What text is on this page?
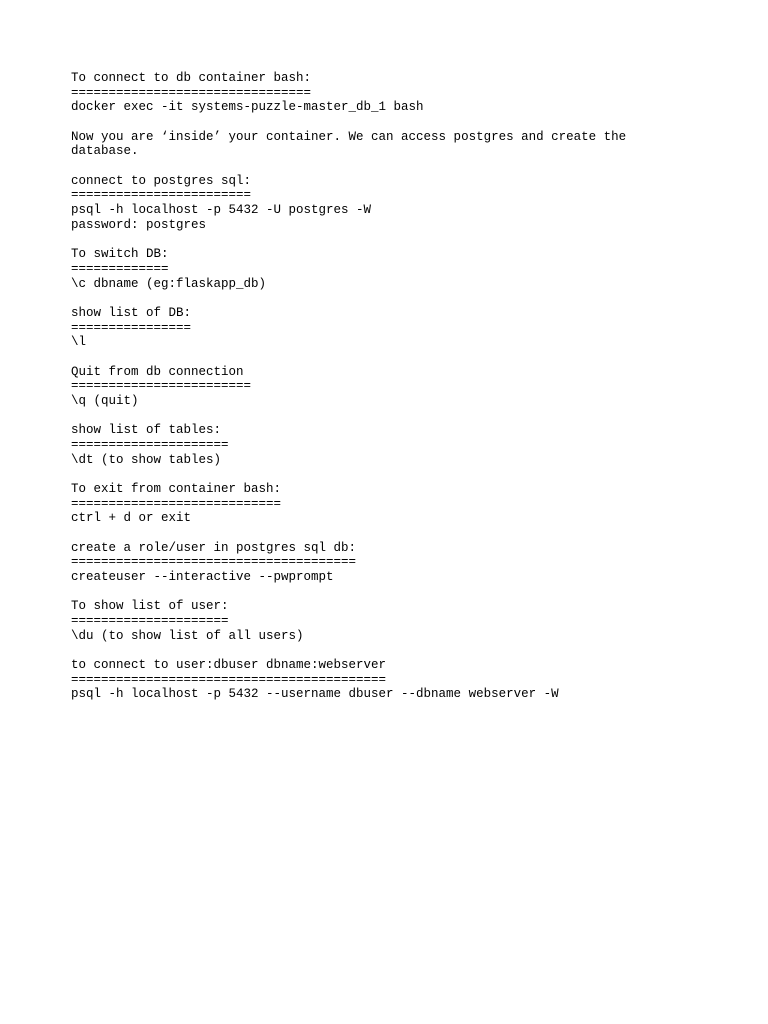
To connect to db container bash:
================================
docker exec -it systems-puzzle-master_db_1 bash
Now you are ‘inside’ your container. We can access postgres and create the
database.
connect to postgres sql:
========================
psql -h localhost -p 5432 -U postgres -W
password: postgres
To switch DB:
=============
\c dbname (eg:flaskapp_db)
show list of DB:
================
\l
Quit from db connection
========================
\q (quit)
show list of tables:
=====================
\dt (to show tables)
To exit from container bash:
============================
ctrl + d or exit
create a role/user in postgres sql db:
======================================
createuser --interactive --pwprompt
To show list of user:
=====================
\du (to show list of all users)
to connect to user:dbuser dbname:webserver
==========================================
psql -h localhost -p 5432 --username dbuser --dbname webserver -W
